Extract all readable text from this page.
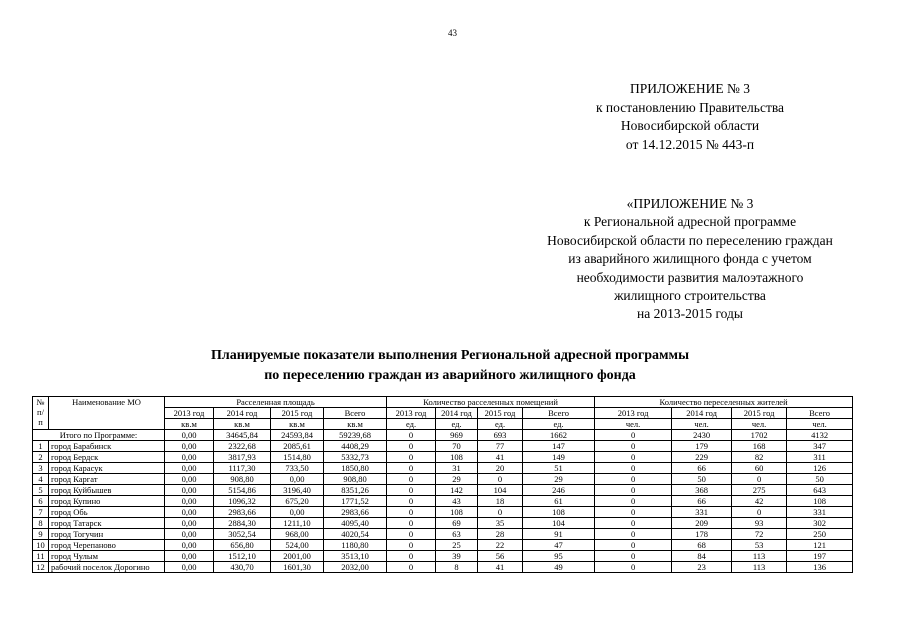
43
ПРИЛОЖЕНИЕ № 3
к постановлению Правительства
Новосибирской области
от 14.12.2015 № 443-п
«ПРИЛОЖЕНИЕ № 3
к Региональной адресной программе
Новосибирской области по переселению граждан
из аварийного жилищного фонда с учетом
необходимости развития малоэтажного
жилищного строительства
на 2013-2015 годы
Планируемые показатели выполнения Региональной адресной программы
по переселению граждан из аварийного жилищного фонда
№ п/п	Наименование МО	Расселенная площадь				Количество расселенных помещений				Количество переселенных жителей			
		2013 год	2014 год	2015 год	Всего	2013 год	2014 год	2015 год	Всего	2013 год	2014 год	2015 год	Всего
		кв.м	кв.м	кв.м	кв.м	ед.	ед.	ед.	ед.	чел.	чел.	чел.	чел.
Итого по Программе:		0,00	34645,84	24593,84	59239,68	0	969	693	1662	0	2430	1702	4132
1	город Барабинск	0,00	2322,68	2085,61	4408,29	0	70	77	147	0	179	168	347
2	город Бердск	0,00	3817,93	1514,80	5332,73	0	108	41	149	0	229	82	311
3	город Карасук	0,00	1117,30	733,50	1850,80	0	31	20	51	0	66	60	126
4	город Каргат	0,00	908,80	0,00	908,80	0	29	0	29	0	50	0	50
5	город Куйбышев	0,00	5154,86	3196,40	8351,26	0	142	104	246	0	368	275	643
6	город Купино	0,00	1096,32	675,20	1771,52	0	43	18	61	0	66	42	108
7	город Обь	0,00	2983,66	0,00	2983,66	0	108	0	108	0	331	0	331
8	город Татарск	0,00	2884,30	1211,10	4095,40	0	69	35	104	0	209	93	302
9	город Тогучин	0,00	3052,54	968,00	4020,54	0	63	28	91	0	178	72	250
10	город Черепаново	0,00	656,80	524,00	1180,80	0	25	22	47	0	68	53	121
11	город Чулым	0,00	1512,10	2001,00	3513,10	0	39	56	95	0	84	113	197
12	рабочий поселок Дорогино	0,00	430,70	1601,30	2032,00	0	8	41	49	0	23	113	136
